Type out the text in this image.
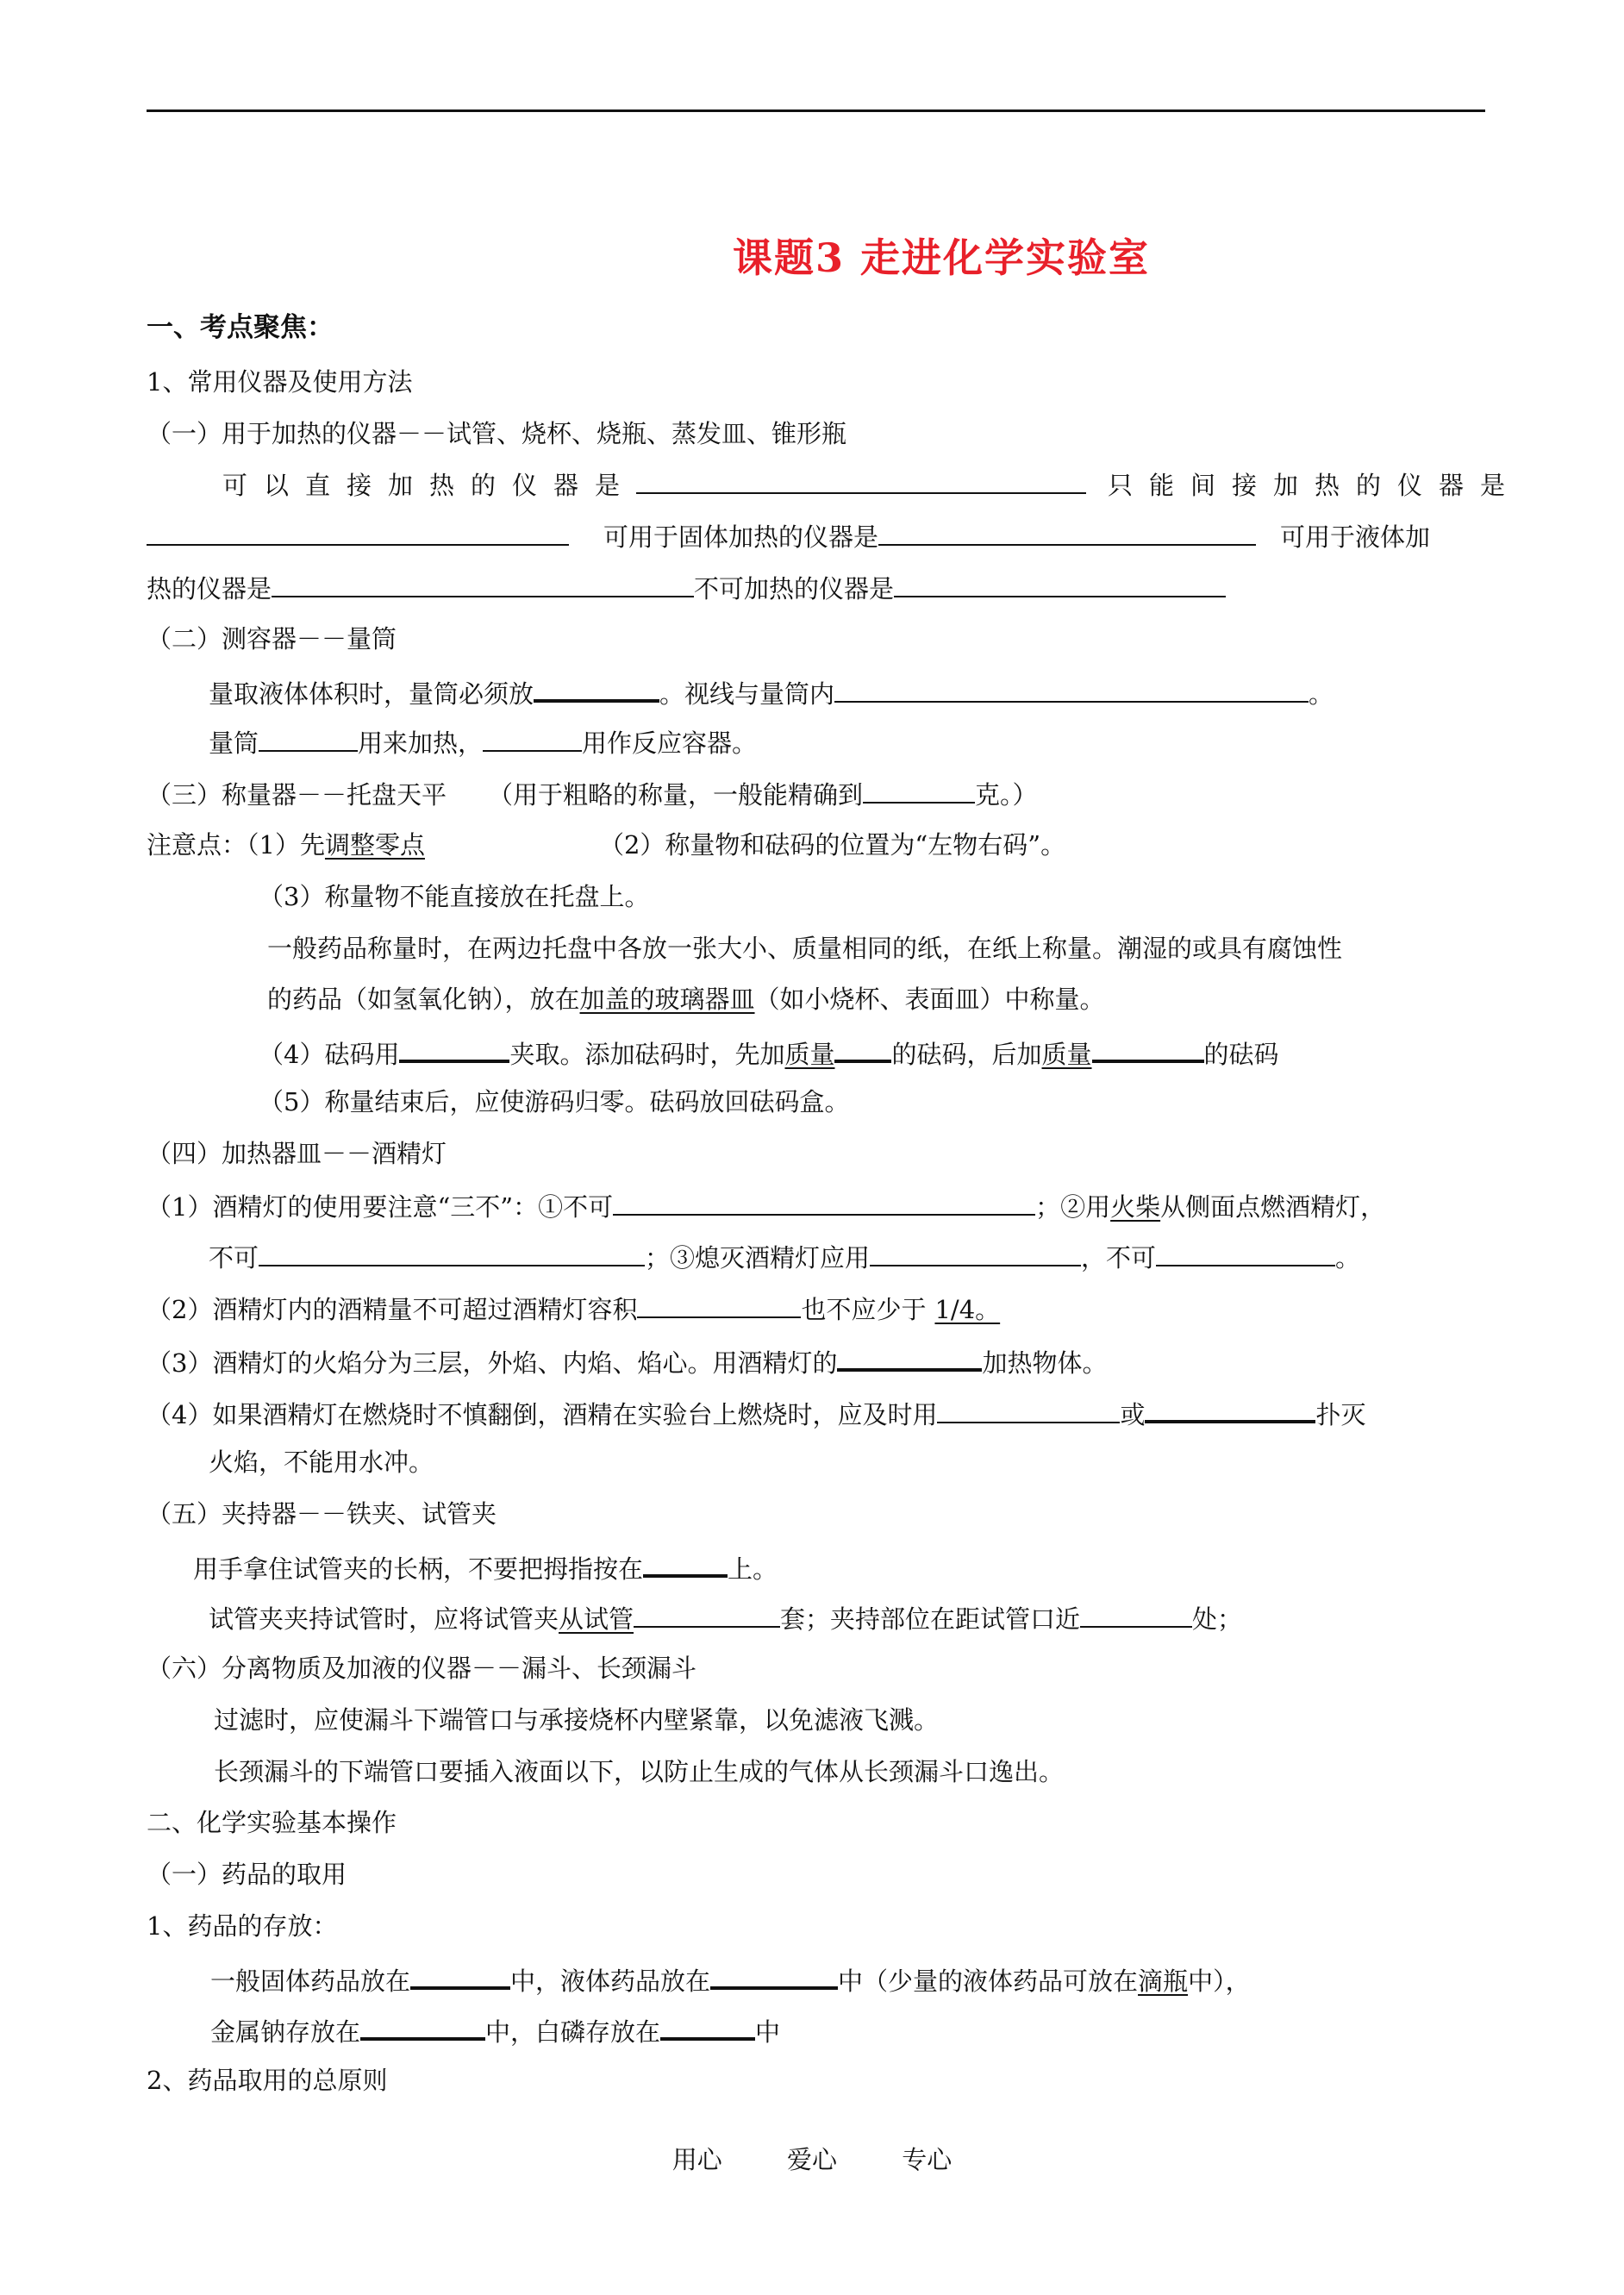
课题3 走进化学实验室
一、考点聚焦：
1、常用仪器及使用方法
（一）用于加热的仪器－－试管、烧杯、烧瓶、蒸发皿、锥形瓶
可以直接加热的仪器是	只能间接加热的仪器是
可用于固体加热的仪器是	可用于液体加
热的仪器是	不可加热的仪器是
（二）测容器－－量筒
量取液体体积时，量筒必须放	。视线与量筒内	。
量筒	用来加热，	用作反应容器。
（三）称量器－－托盘天平 （用于粗略的称量，一般能精确到	克。）
注意点：（1）先调整零点	（2）称量物和砝码的位置为“左物右码”。
（3）称量物不能直接放在托盘上。
一般药品称量时，在两边托盘中各放一张大小、质量相同的纸，在纸上称量。潮湿的或具有腐蚀性
的药品（如氢氧化钠），放在加盖的玻璃器皿（如小烧杯、表面皿）中称量。
（4）砝码用	夹取。添加砝码时，先加质量 的砝码，后加质量	的砝码
（5）称量结束后，应使游码归零。砝码放回砝码盒。
（四）加热器皿－－酒精灯
（1）酒精灯的使用要注意“三不”：①不可	；②用火柴从侧面点燃酒精灯，
不可	；③熄灭酒精灯应用	，不可	。
（2）酒精灯内的酒精量不可超过酒精灯容积	也不应少于 1/4。
（3）酒精灯的火焰分为三层，外焰、内焰、焰心。用酒精灯的	加热物体。
（4）如果酒精灯在燃烧时不慎翻倒，酒精在实验台上燃烧时，应及时用	或	扑灭
火焰，不能用水冲。
（五）夹持器－－铁夹、试管夹
用手拿住试管夹的长柄，不要把拇指按在	上。
试管夹夹持试管时，应将试管夹从试管	套；夹持部位在距试管口近	处；
（六）分离物质及加液的仪器－－漏斗、长颈漏斗
过滤时，应使漏斗下端管口与承接烧杯内壁紧靠，以免滤液飞溅。
长颈漏斗的下端管口要插入液面以下，以防止生成的气体从长颈漏斗口逸出。
二、化学实验基本操作
（一）药品的取用
1、药品的存放：
一般固体药品放在	中，液体药品放在	中（少量的液体药品可放在滴瓶中），
金属钠存放在	中，白磷存放在	中
2、药品取用的总原则
用心	爱心	专心
